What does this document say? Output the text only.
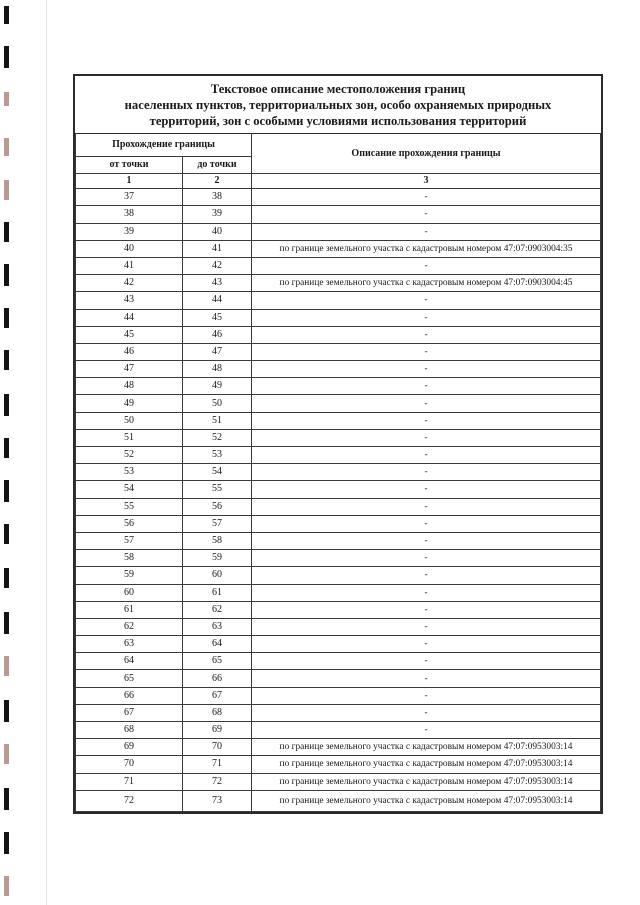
Текстовое описание местоположения границ
населенных пунктов, территориальных зон, особо охраняемых природных
территорий, зон с особыми условиями использования территорий
Прохождение границы		Описание прохождения границы
от точки	до точки	
1	2	3
37	38	-
38	39	-
39	40	-
40	41	по границе земельного участка с кадастровым номером 47:07:0903004:35
41	42	-
42	43	по границе земельного участка с кадастровым номером 47:07:0903004:45
43	44	-
44	45	-
45	46	-
46	47	-
47	48	-
48	49	-
49	50	-
50	51	-
51	52	-
52	53	-
53	54	-
54	55	-
55	56	-
56	57	-
57	58	-
58	59	-
59	60	-
60	61	-
61	62	-
62	63	-
63	64	-
64	65	-
65	66	-
66	67	-
67	68	-
68	69	-
69	70	по границе земельного участка с кадастровым номером 47:07:0953003:14
70	71	по границе земельного участка с кадастровым номером 47:07:0953003:14
71	72	по границе земельного участка с кадастровым номером 47:07:0953003:14
72	73	по границе земельного участка с кадастровым номером 47:07:0953003:14
